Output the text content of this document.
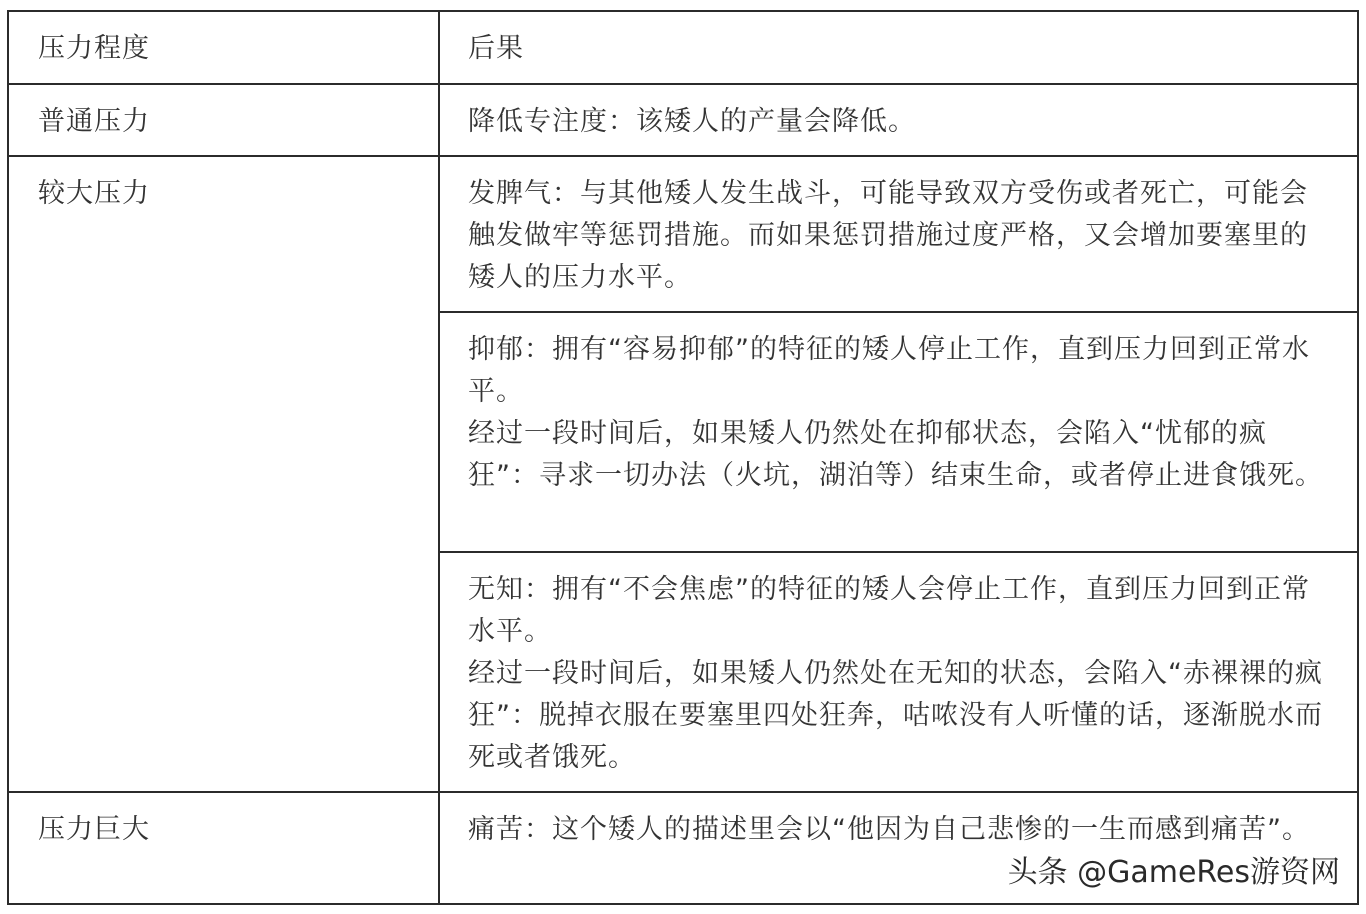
压力程度	后果
普通压力	降低专注度：该矮人的产量会降低。
较大压力	发脾气：与其他矮人发生战斗，可能导致双方受伤或者死亡，可能会触发做牢等惩罚措施。而如果惩罚措施过度严格，又会增加要塞里的矮人的压力水平。
抑郁：拥有“容易抑郁”的特征的矮人停止工作，直到压力回到正常水平。
经过一段时间后，如果矮人仍然处在抑郁状态，会陷入“忧郁的疯狂”：寻求一切办法（火坑，湖泊等）结束生命，或者停止进食饿死。
无知：拥有“不会焦虑”的特征的矮人会停止工作，直到压力回到正常水平。
经过一段时间后，如果矮人仍然处在无知的状态，会陷入“赤裸裸的疯狂”：脱掉衣服在要塞里四处狂奔，咕哝没有人听懂的话，逐渐脱水而死或者饿死。
压力巨大	痛苦：这个矮人的描述里会以“他因为自己悲惨的一生而感到痛苦”。
头条 @GameRes游资网
